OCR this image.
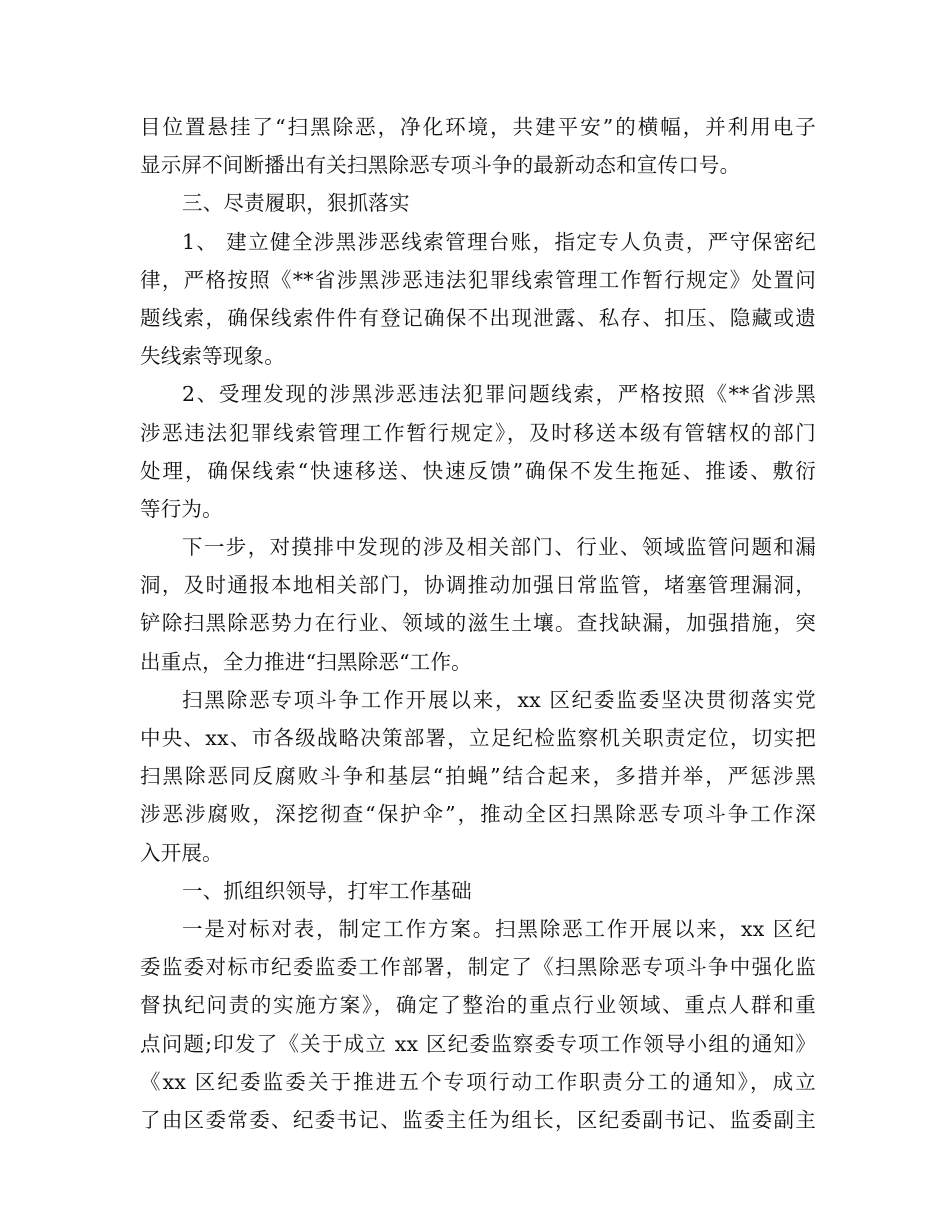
目位置悬挂了“扫黑除恶，净化环境，共建平安”的横幅，并利用电子
显示屏不间断播出有关扫黑除恶专项斗争的最新动态和宣传口号。
三、尽责履职，狠抓落实
1、 建立健全涉黑涉恶线索管理台账，指定专人负责，严守保密纪
律，严格按照《**省涉黑涉恶违法犯罪线索管理工作暂行规定》处置问
题线索，确保线索件件有登记确保不出现泄露、私存、扣压、隐藏或遗
失线索等现象。
2、受理发现的涉黑涉恶违法犯罪问题线索，严格按照《**省涉黑
涉恶违法犯罪线索管理工作暂行规定》，及时移送本级有管辖权的部门
处理，确保线索“快速移送、快速反馈”确保不发生拖延、推诿、敷衍
等行为。
下一步，对摸排中发现的涉及相关部门、行业、领域监管问题和漏
洞，及时通报本地相关部门，协调推动加强日常监管，堵塞管理漏洞，
铲除扫黑除恶势力在行业、领域的滋生土壤。查找缺漏，加强措施，突
出重点，全力推进“扫黑除恶“工作。
扫黑除恶专项斗争工作开展以来，xx 区纪委监委坚决贯彻落实党
中央、xx、市各级战略决策部署，立足纪检监察机关职责定位，切实把
扫黑除恶同反腐败斗争和基层“拍蝇”结合起来，多措并举，严惩涉黑
涉恶涉腐败，深挖彻查“保护伞”，推动全区扫黑除恶专项斗争工作深
入开展。
一、抓组织领导，打牢工作基础
一是对标对表，制定工作方案。扫黑除恶工作开展以来，xx 区纪
委监委对标市纪委监委工作部署，制定了《扫黑除恶专项斗争中强化监
督执纪问责的实施方案》，确定了整治的重点行业领域、重点人群和重
点问题;印发了《关于成立 xx 区纪委监察委专项工作领导小组的通知》
《xx 区纪委监委关于推进五个专项行动工作职责分工的通知》，成立
了由区委常委、纪委书记、监委主任为组长，区纪委副书记、监委副主
